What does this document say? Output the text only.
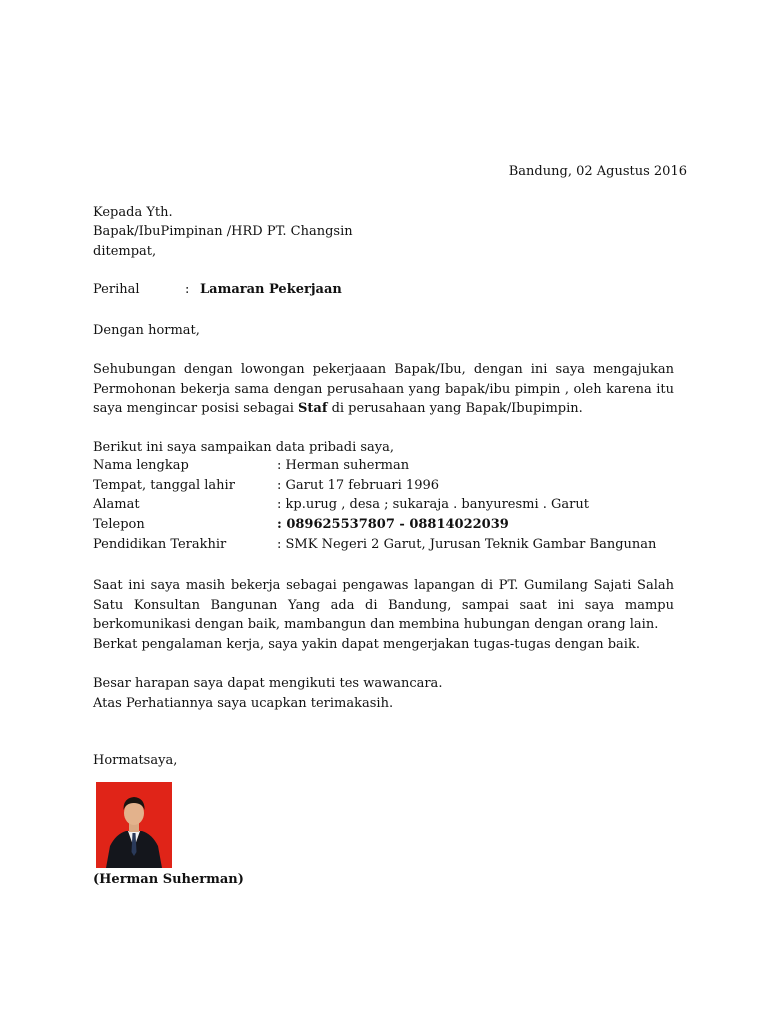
Bandung, 02 Agustus 2016
Kepada Yth.
Bapak/IbuPimpinan /HRD PT. Changsin
ditempat,
Perihal	: Lamaran Pekerjaan
Dengan hormat,
Sehubungan dengan lowongan pekerjaaan Bapak/Ibu, dengan ini saya mengajukan Permohonan bekerja sama dengan perusahaan yang bapak/ibu pimpin , oleh karena itu saya mengincar posisi sebagai Staf di perusahaan yang Bapak/Ibupimpin.
Berikut ini saya sampaikan data pribadi saya,
Nama lengkap	: Herman suherman
Tempat, tanggal lahir	: Garut 17 februari 1996
Alamat	: kp.urug , desa ; sukaraja . banyuresmi . Garut
Telepon	: 089625537807 - 08814022039
Pendidikan Terakhir	: SMK Negeri 2 Garut, Jurusan Teknik Gambar Bangunan
Saat ini saya masih bekerja sebagai pengawas lapangan di PT. Gumilang Sajati Salah Satu Konsultan Bangunan Yang ada di Bandung, sampai saat ini saya mampu berkomunikasi dengan baik, mambangun dan membina hubungan dengan orang lain.
Berkat pengalaman kerja, saya yakin dapat mengerjakan tugas-tugas dengan baik.
Besar harapan saya dapat mengikuti tes wawancara.
Atas Perhatiannya saya ucapkan terimakasih.
Hormatsaya,
(Herman Suherman)
